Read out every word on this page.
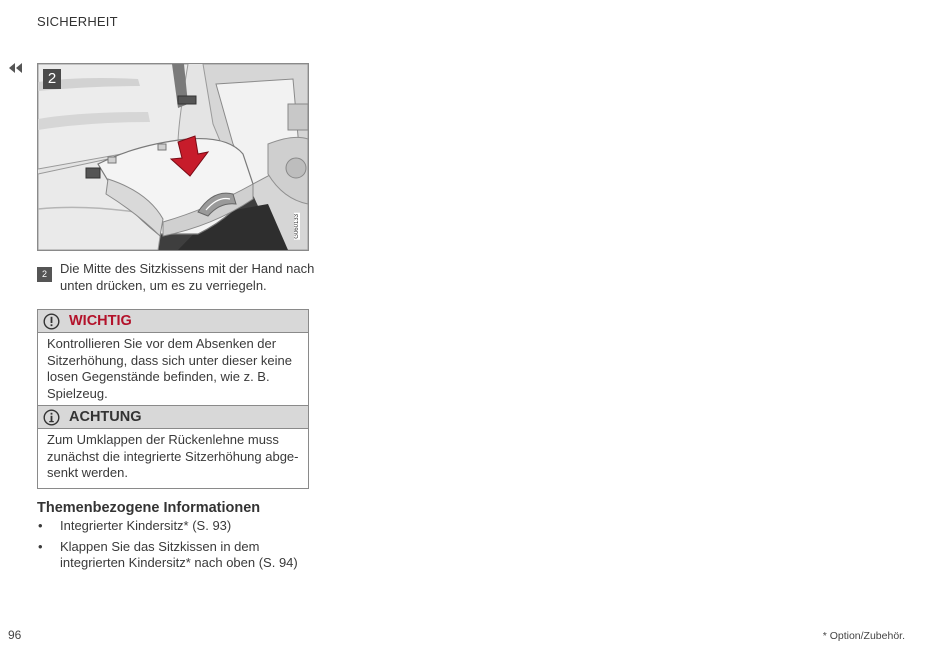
SICHERHEIT
2
G060133
2	Die Mitte des Sitzkissens mit der Hand nach unten drücken, um es zu verriegeln.
WICHTIG
Kontrollieren Sie vor dem Absenken der Sitzerhöhung, dass sich unter dieser keine losen Gegenstände befinden, wie z. B. Spielzeug.
ACHTUNG
Zum Umklappen der Rückenlehne muss zunächst die integrierte Sitzerhöhung abgesenkt werden.
Themenbezogene Informationen
• Integrierter Kindersitz* (S. 93)
• Klappen Sie das Sitzkissen in dem integrierten Kindersitz* nach oben (S. 94)
96	* Option/Zubehör.
